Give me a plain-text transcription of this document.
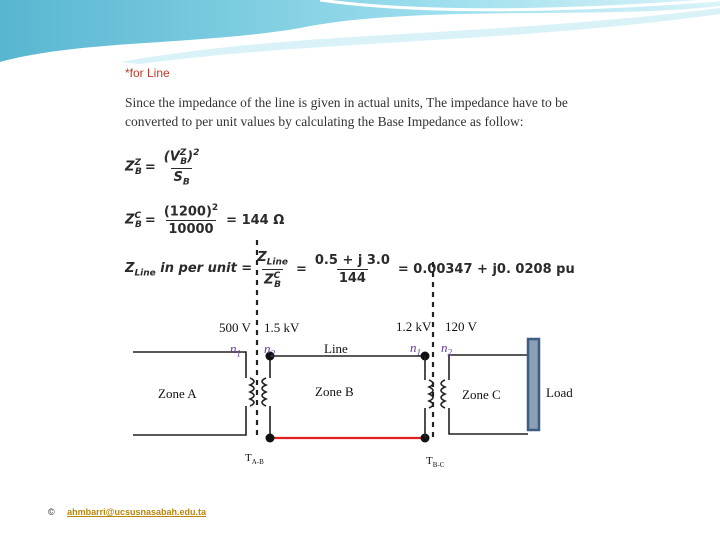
*for Line
Since the impedance of the line is given in actual units, The impedance have to be converted to per unit values by calculating the Base Impedance as follow:
$Z^Z_B = \frac{(V^Z_B)^2}{S_B}$
$Z^C_B = \frac{(1200)^2}{10000} = 144$ Ω
$Z_{Line}$ in per unit = $\frac{Z_{Line}}{Z^C_B} = \frac{0.5 + j 3.0}{144} = 0.00347 + j0$. 0208 pu
500 V 1.5 kV	1.2 kV 120 V
$n_1$ $n_2$	$n_1$ $n_2$
Line
Zone A	Zone B	Zone C	Load
$T_{A-B}$	$T_{B-C}$
© ahmbarri@ucsusnasabah.edu.ta
